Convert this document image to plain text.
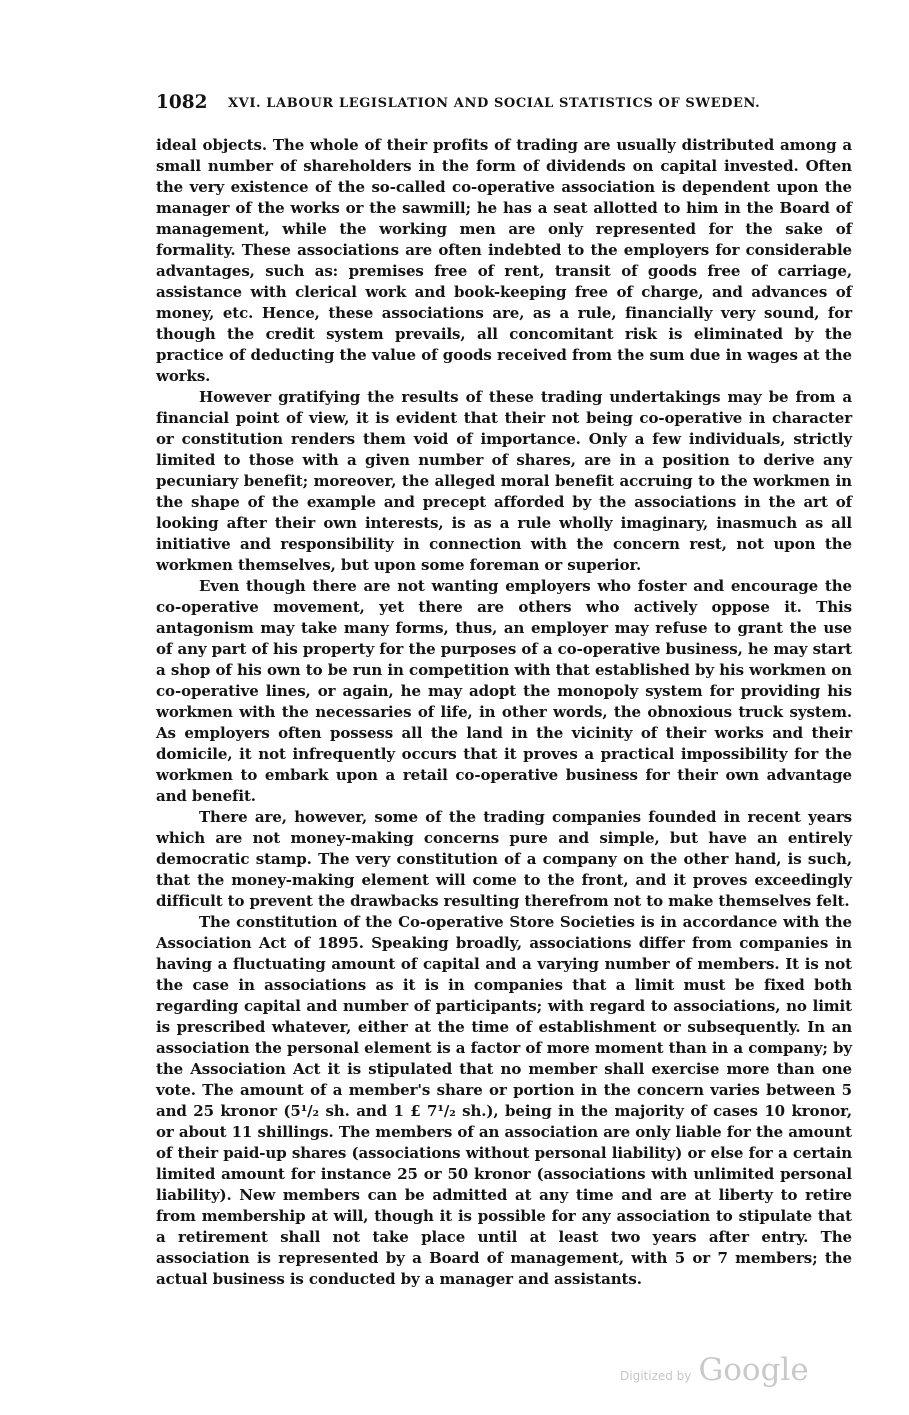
1082 XVI. LABOUR LEGISLATION AND SOCIAL STATISTICS OF SWEDEN.

ideal objects. The whole of their profits of trading are usually distributed among a small number of shareholders in the form of dividends on capital invested. Often the very existence of the so-called co-operative association is dependent upon the manager of the works or the sawmill; he has a seat allotted to him in the Board of management, while the working men are only represented for the sake of formality. These associations are often indebted to the employers for considerable advantages, such as: premises free of rent, transit of goods free of carriage, assistance with clerical work and book-keeping free of charge, and advances of money, etc. Hence, these associations are, as a rule, financially very sound, for though the credit system prevails, all concomitant risk is eliminated by the practice of deducting the value of goods received from the sum due in wages at the works.

However gratifying the results of these trading undertakings may be from a financial point of view, it is evident that their not being co-operative in character or constitution renders them void of importance. Only a few individuals, strictly limited to those with a given number of shares, are in a position to derive any pecuniary benefit; moreover, the alleged moral benefit accruing to the workmen in the shape of the example and precept afforded by the associations in the art of looking after their own interests, is as a rule wholly imaginary, inasmuch as all initiative and responsibility in connection with the concern rest, not upon the workmen themselves, but upon some foreman or superior.

Even though there are not wanting employers who foster and encourage the co-operative movement, yet there are others who actively oppose it. This antagonism may take many forms, thus, an employer may refuse to grant the use of any part of his property for the purposes of a co-operative business, he may start a shop of his own to be run in competition with that established by his workmen on co-operative lines, or again, he may adopt the monopoly system for providing his workmen with the necessaries of life, in other words, the obnoxious truck system. As employers often possess all the land in the vicinity of their works and their domicile, it not infrequently occurs that it proves a practical impossibility for the workmen to embark upon a retail co-operative business for their own advantage and benefit.

There are, however, some of the trading companies founded in recent years which are not money-making concerns pure and simple, but have an entirely democratic stamp. The very constitution of a company on the other hand, is such, that the money-making element will come to the front, and it proves exceedingly difficult to prevent the drawbacks resulting therefrom not to make themselves felt.

The constitution of the Co-operative Store Societies is in accordance with the Association Act of 1895. Speaking broadly, associations differ from companies in having a fluctuating amount of capital and a varying number of members. It is not the case in associations as it is in companies that a limit must be fixed both regarding capital and number of participants; with regard to associations, no limit is prescribed whatever, either at the time of establishment or subsequently. In an association the personal element is a factor of more moment than in a company; by the Association Act it is stipulated that no member shall exercise more than one vote. The amount of a member's share or portion in the concern varies between 5 and 25 kronor (5¹/₂ sh. and 1 £ 7¹/₂ sh.), being in the majority of cases 10 kronor, or about 11 shillings. The members of an association are only liable for the amount of their paid-up shares (associations without personal liability) or else for a certain limited amount for instance 25 or 50 kronor (associations with unlimited personal liability). New members can be admitted at any time and are at liberty to retire from membership at will, though it is possible for any association to stipulate that a retirement shall not take place until at least two years after entry. The association is represented by a Board of management, with 5 or 7 members; the actual business is conducted by a manager and assistants.

Digitized by Google
